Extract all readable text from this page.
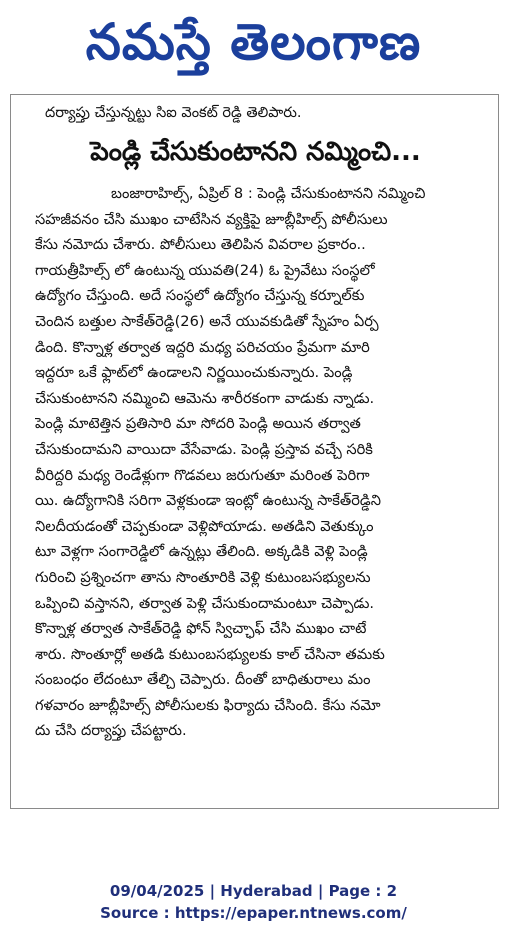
నమస్తే తెలంగాణ
దర్యాప్తు చేస్తున్నట్టు సిఐ వెంకట్ రెడ్డి తెలిపారు.
పెండ్లి చేసుకుంటానని నమ్మించి...
బంజారాహిల్స్, ఏప్రిల్ 8 : పెండ్లి చేసుకుంటానని నమ్మించి
సహజీవనం చేసి ముఖం చాటేసిన వ్యక్తిపై జూబ్లీహిల్స్ పోలీసులు
కేసు నమోదు చేశారు. పోలీసులు తెలిపిన వివరాల ప్రకారం..
గాయత్రీహిల్స్ లో ఉంటున్న యువతి(24) ఓ ప్రైవేటు సంస్థలో
ఉద్యోగం చేస్తుంది. అదే సంస్థలో ఉద్యోగం చేస్తున్న కర్నూల్‌కు
చెందిన బత్తుల సాకేత్‌రెడ్డి(26) అనే యువకుడితో స్నేహం ఏర్ప
డింది. కొన్నాళ్ల తర్వాత ఇద్దరి మధ్య పరిచయం ప్రేమగా మారి
ఇద్దరూ ఒకే ఫ్లాట్‌లో ఉండాలని నిర్ణయించుకున్నారు. పెండ్లి
చేసుకుంటానని నమ్మించి ఆమెను శారీరకంగా వాడుకు న్నాడు.
పెండ్లి మాటెత్తిన ప్రతిసారి మా సోదరి పెండ్లి అయిన తర్వాత
చేసుకుందామని వాయిదా వేసేవాడు. పెండ్లి ప్రస్తావ వచ్చే సరికి
వీరిద్దరి మధ్య రెండేళ్లుగా గొడవలు జరుగుతూ మరింత పెరిగా
యి. ఉద్యోగానికి సరిగా వెళ్లకుండా ఇంట్లో ఉంటున్న సాకేత్‌రెడ్డిని
నిలదీయడంతో చెప్పకుండా వెళ్లిపోయాడు. అతడిని వెతుక్కుం
టూ వెళ్లగా సంగారెడ్డిలో ఉన్నట్లు తేలింది. అక్కడికి వెళ్లి పెండ్లి
గురించి ప్రశ్నించగా తాను సొంతూరికి వెళ్లి కుటుంబసభ్యులను
ఒప్పించి వస్తానని, తర్వాత పెళ్లి చేసుకుందామంటూ చెప్పాడు.
కొన్నాళ్ల తర్వాత సాకేత్‌రెడ్డి ఫోన్ స్విచ్ఛాఫ్ చేసి ముఖం చాటే
శారు. సొంతూర్లో అతడి కుటుంబసభ్యులకు కాల్ చేసినా తమకు
సంబంధం లేదంటూ తేల్చి చెప్పారు. దీంతో బాధితురాలు మం
గళవారం జూబ్లీహిల్స్ పోలీసులకు ఫిర్యాదు చేసింది. కేసు నమో
దు చేసి దర్యాప్తు చేపట్టారు.
09/04/2025 | Hyderabad | Page : 2
Source : https://epaper.ntnews.com/
